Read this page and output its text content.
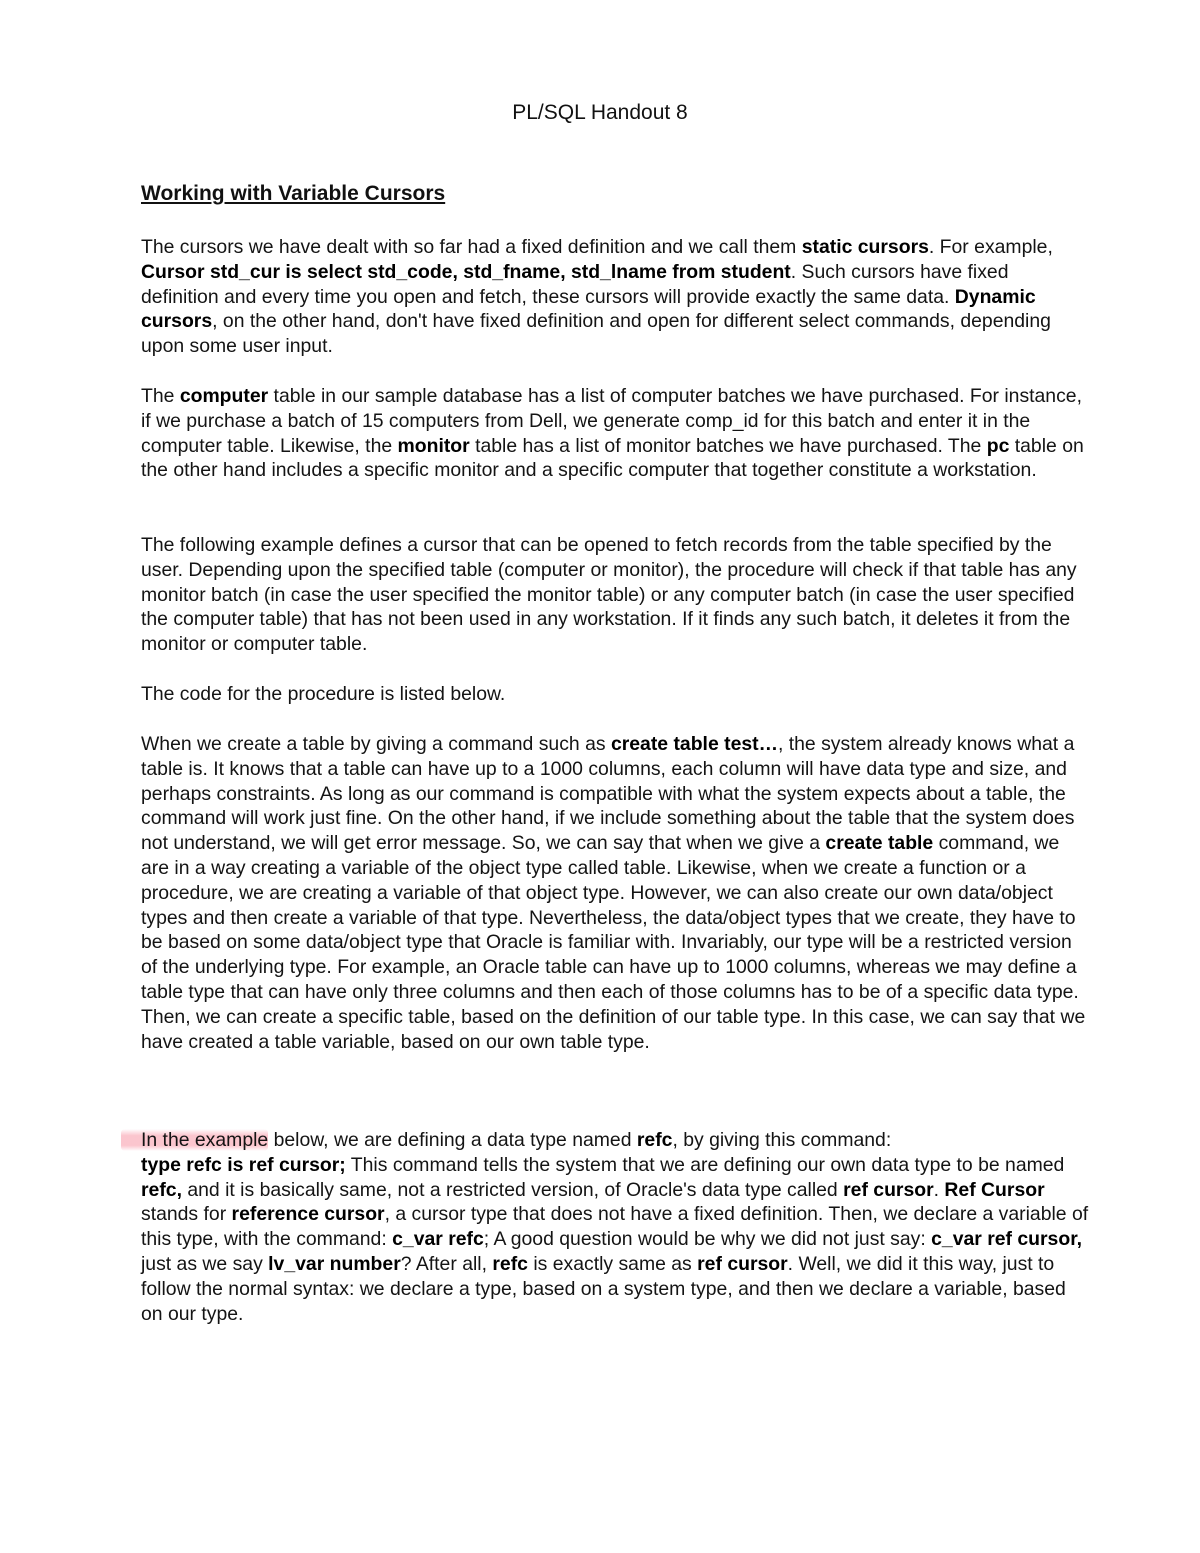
PL/SQL Handout 8
Working with Variable Cursors

The cursors we have dealt with so far had a fixed definition and we call them static cursors. For example, Cursor std_cur is select std_code, std_fname, std_lname from student. Such cursors have fixed definition and every time you open and fetch, these cursors will provide exactly the same data. Dynamic cursors, on the other hand, don't have fixed definition and open for different select commands, depending upon some user input.

The computer table in our sample database has a list of computer batches we have purchased. For instance, if we purchase a batch of 15 computers from Dell, we generate comp_id for this batch and enter it in the computer table. Likewise, the monitor table has a list of monitor batches we have purchased. The pc table on the other hand includes a specific monitor and a specific computer that together constitute a workstation.

The following example defines a cursor that can be opened to fetch records from the table specified by the user. Depending upon the specified table (computer or monitor), the procedure will check if that table has any monitor batch (in case the user specified the monitor table) or any computer batch (in case the user specified the computer table) that has not been used in any workstation. If it finds any such batch, it deletes it from the monitor or computer table.

The code for the procedure is listed below.

When we create a table by giving a command such as create table test…, the system already knows what a table is. It knows that a table can have up to a 1000 columns, each column will have data type and size, and perhaps constraints. As long as our command is compatible with what the system expects about a table, the command will work just fine. On the other hand, if we include something about the table that the system does not understand, we will get error message. So, we can say that when we give a create table command, we are in a way creating a variable of the object type called table. Likewise, when we create a function or a procedure, we are creating a variable of that object type. However, we can also create our own data/object types and then create a variable of that type. Nevertheless, the data/object types that we create, they have to be based on some data/object type that Oracle is familiar with. Invariably, our type will be a restricted version of the underlying type. For example, an Oracle table can have up to 1000 columns, whereas we may define a table type that can have only three columns and then each of those columns has to be of a specific data type. Then, we can create a specific table, based on the definition of our table type. In this case, we can say that we have created a table variable, based on our own table type.

In the example below, we are defining a data type named refc, by giving this command:
type refc is ref cursor; This command tells the system that we are defining our own data type to be named refc, and it is basically same, not a restricted version, of Oracle's data type called ref cursor. Ref Cursor stands for reference cursor, a cursor type that does not have a fixed definition. Then, we declare a variable of this type, with the command: c_var refc; A good question would be why we did not just say: c_var ref cursor, just as we say lv_var number? After all, refc is exactly same as ref cursor. Well, we did it this way, just to follow the normal syntax: we declare a type, based on a system type, and then we declare a variable, based on our type.
